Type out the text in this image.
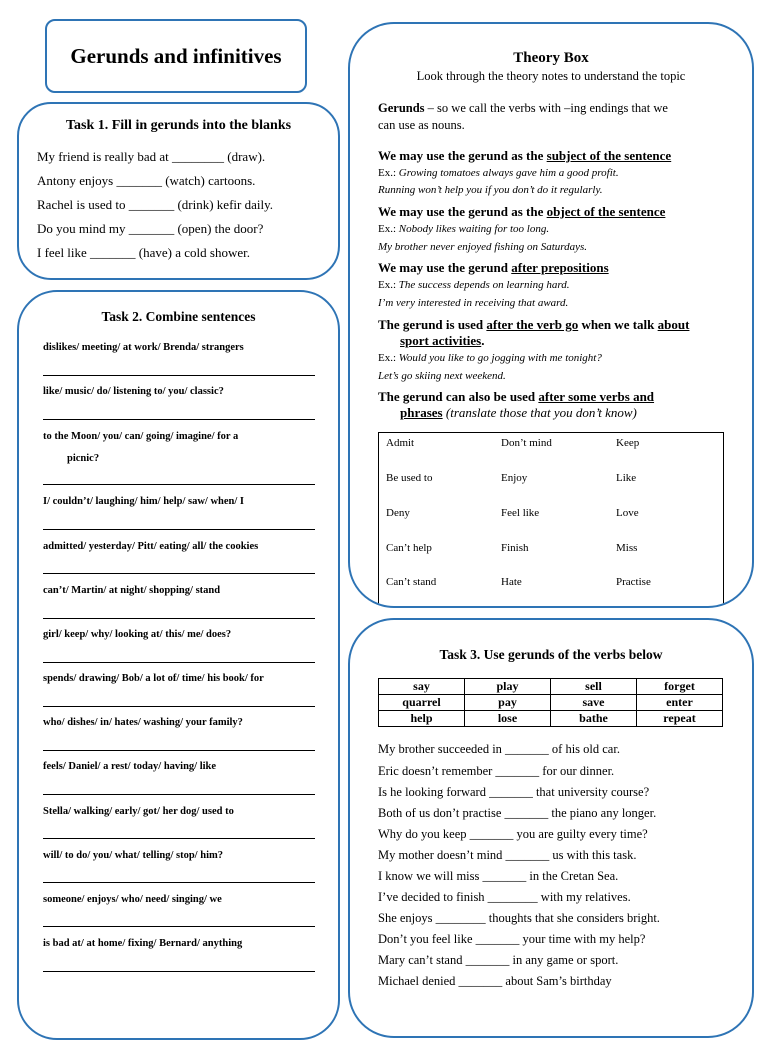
Gerunds and infinitives
Task 1. Fill in gerunds into the blanks
My friend is really bad at ________ (draw).
Antony enjoys _______ (watch) cartoons.
Rachel is used to _______ (drink) kefir daily.
Do you mind my _______ (open) the door?
I feel like _______ (have) a cold shower.
Task 2. Combine sentences
dislikes/ meeting/ at work/ Brenda/ strangers
like/ music/ do/ listening to/ you/ classic?
to the Moon/ you/ can/ going/ imagine/ for a
picnic?
I/ couldn’t/ laughing/ him/ help/ saw/ when/ I
admitted/ yesterday/ Pitt/ eating/ all/ the cookies
can’t/ Martin/ at night/ shopping/ stand
girl/ keep/ why/ looking at/ this/ me/ does?
spends/ drawing/ Bob/ a lot of/ time/ his book/ for
who/ dishes/ in/ hates/ washing/ your family?
feels/ Daniel/ a rest/ today/ having/ like
Stella/ walking/ early/ got/ her dog/ used to
will/ to do/ you/ what/ telling/ stop/ him?
someone/ enjoys/ who/ need/ singing/ we
is bad at/ at home/ fixing/ Bernard/ anything
Theory Box
Look through the theory notes to understand the topic
Gerunds – so we call the verbs with –ing endings that we
can use as nouns.
We may use the gerund as the subject of the sentence
Ex.: Growing tomatoes always gave him a good profit.
Running won’t help you if you don’t do it regularly.
We may use the gerund as the object of the sentence
Ex.: Nobody likes waiting for too long.
My brother never enjoyed fishing on Saturdays.
We may use the gerund after prepositions
Ex.: The success depends on learning hard.
I’m very interested in receiving that award.
The gerund is used after the verb go when we talk about
sport activities.
Ex.: Would you like to go jogging with me tonight?
Let’s go skiing next weekend.
The gerund can also be used after some verbs and
phrases (translate those that you don’t know)
Admit	Don’t mind	Keep
Be used to	Enjoy	Like
Deny	Feel like	Love
Can’t help	Finish	Miss
Can’t stand	Hate	Practise
Task 3. Use gerunds of the verbs below
say	play	sell	forget
quarrel	pay	save	enter
help	lose	bathe	repeat
My brother succeeded in _______ of his old car.
Eric doesn’t remember _______ for our dinner.
Is he looking forward _______ that university course?
Both of us don’t practise _______ the piano any longer.
Why do you keep _______ you are guilty every time?
My mother doesn’t mind _______ us with this task.
I know we will miss _______ in the Cretan Sea.
I’ve decided to finish ________ with my relatives.
She enjoys ________ thoughts that she considers bright.
Don’t you feel like _______ your time with my help?
Mary can’t stand _______ in any game or sport.
Michael denied _______ about Sam’s birthday
